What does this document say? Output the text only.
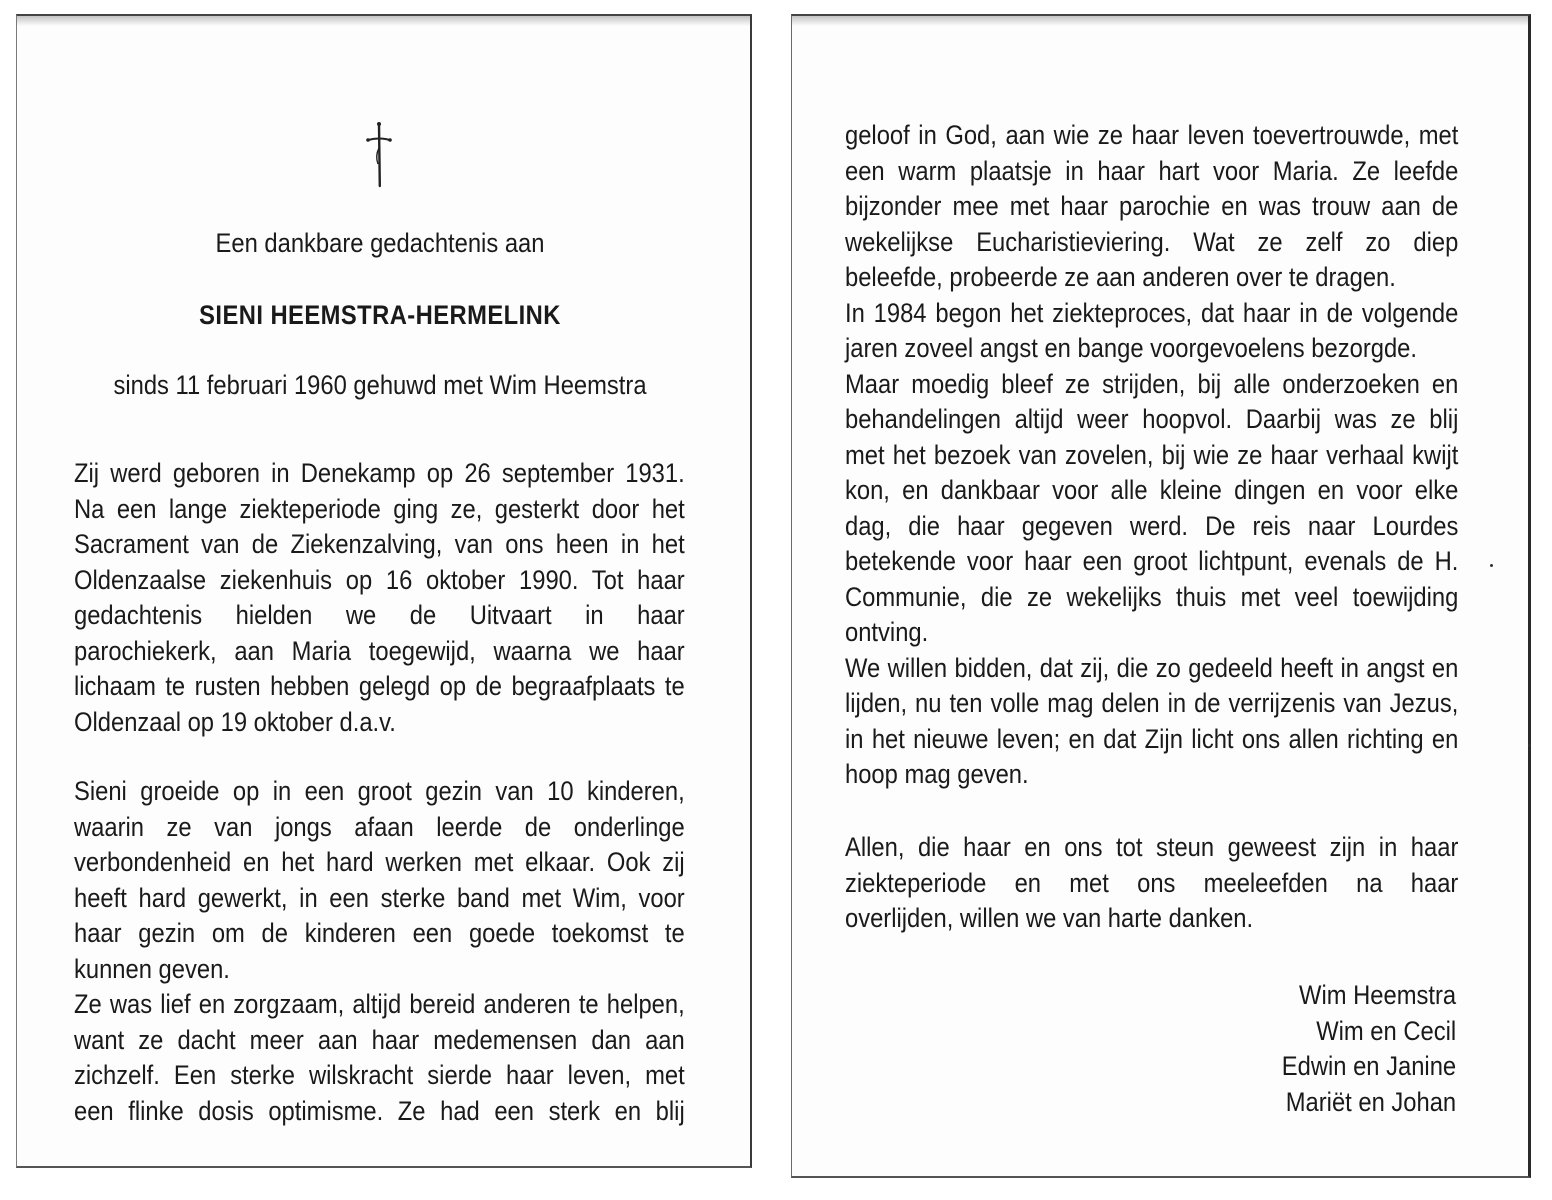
Een dankbare gedachtenis aan
SIENI HEEMSTRA-HERMELINK
sinds 11 februari 1960 gehuwd met Wim Heemstra
Zij werd geboren in Denekamp op 26 september 1931.
Na een lange ziekteperiode ging ze, gesterkt door het
Sacrament van de Ziekenzalving, van ons heen in het
Oldenzaalse ziekenhuis op 16 oktober 1990. Tot haar
gedachtenis hielden we de Uitvaart in haar
parochiekerk, aan Maria toegewijd, waarna we haar
lichaam te rusten hebben gelegd op de begraafplaats te
Oldenzaal op 19 oktober d.a.v.
Sieni groeide op in een groot gezin van 10 kinderen,
waarin ze van jongs afaan leerde de onderlinge
verbondenheid en het hard werken met elkaar. Ook zij
heeft hard gewerkt, in een sterke band met Wim, voor
haar gezin om de kinderen een goede toekomst te
kunnen geven.
Ze was lief en zorgzaam, altijd bereid anderen te helpen,
want ze dacht meer aan haar medemensen dan aan
zichzelf. Een sterke wilskracht sierde haar leven, met
een flinke dosis optimisme. Ze had een sterk en blij
geloof in God, aan wie ze haar leven toevertrouwde, met
een warm plaatsje in haar hart voor Maria. Ze leefde
bijzonder mee met haar parochie en was trouw aan de
wekelijkse Eucharistieviering. Wat ze zelf zo diep
beleefde, probeerde ze aan anderen over te dragen.
In 1984 begon het ziekteproces, dat haar in de volgende
jaren zoveel angst en bange voorgevoelens bezorgde.
Maar moedig bleef ze strijden, bij alle onderzoeken en
behandelingen altijd weer hoopvol. Daarbij was ze blij
met het bezoek van zovelen, bij wie ze haar verhaal kwijt
kon, en dankbaar voor alle kleine dingen en voor elke
dag, die haar gegeven werd. De reis naar Lourdes
betekende voor haar een groot lichtpunt, evenals de H.
Communie, die ze wekelijks thuis met veel toewijding
ontving.
We willen bidden, dat zij, die zo gedeeld heeft in angst en
lijden, nu ten volle mag delen in de verrijzenis van Jezus,
in het nieuwe leven; en dat Zijn licht ons allen richting en
hoop mag geven.
Allen, die haar en ons tot steun geweest zijn in haar
ziekteperiode en met ons meeleefden na haar
overlijden, willen we van harte danken.
Wim Heemstra
Wim en Cecil
Edwin en Janine
Mariët en Johan
